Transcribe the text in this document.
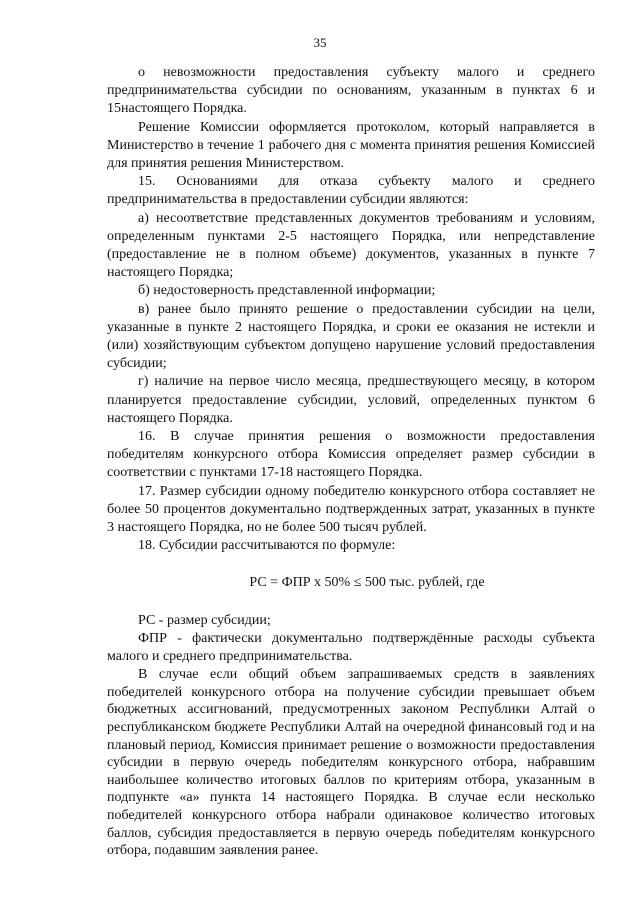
35

о невозможности предоставления субъекту малого и среднего предпринимательства субсидии по основаниям, указанным в пунктах 6 и 15настоящего Порядка.

Решение Комиссии оформляется протоколом, который направляется в Министерство в течение 1 рабочего дня с момента принятия решения Комиссией для принятия решения Министерством.

15. Основаниями для отказа субъекту малого и среднего предпринимательства в предоставлении субсидии являются:

а) несоответствие представленных документов требованиям и условиям, определенным пунктами 2-5 настоящего Порядка, или непредставление (предоставление не в полном объеме) документов, указанных в пункте 7 настоящего Порядка;

б) недостоверность представленной информации;

в) ранее было принято решение о предоставлении субсидии на цели, указанные в пункте 2 настоящего Порядка, и сроки ее оказания не истекли и (или) хозяйствующим субъектом допущено нарушение условий предоставления субсидии;

г) наличие на первое число месяца, предшествующего месяцу, в котором планируется предоставление субсидии, условий, определенных пунктом 6 настоящего Порядка.

16. В случае принятия решения о возможности предоставления победителям конкурсного отбора Комиссия определяет размер субсидии в соответствии с пунктами 17-18 настоящего Порядка.

17. Размер субсидии одному победителю конкурсного отбора составляет не более 50 процентов документально подтвержденных затрат, указанных в пункте 3 настоящего Порядка, но не более 500 тысяч рублей.

18. Субсидии рассчитываются по формуле:

РС = ФПР х 50% ≤ 500 тыс. рублей, где

РС - размер субсидии;

ФПР - фактически документально подтверждённые расходы субъекта малого и среднего предпринимательства.

В случае если общий объем запрашиваемых средств в заявлениях победителей конкурсного отбора на получение субсидии превышает объем бюджетных ассигнований, предусмотренных законом Республики Алтай о республиканском бюджете Республики Алтай на очередной финансовый год и на плановый период, Комиссия принимает решение о возможности предоставления субсидии в первую очередь победителям конкурсного отбора, набравшим наибольшее количество итоговых баллов по критериям отбора, указанным в подпункте «а» пункта 14 настоящего Порядка. В случае если несколько победителей конкурсного отбора набрали одинаковое количество итоговых баллов, субсидия предоставляется в первую очередь победителям конкурсного отбора, подавшим заявления ранее.
